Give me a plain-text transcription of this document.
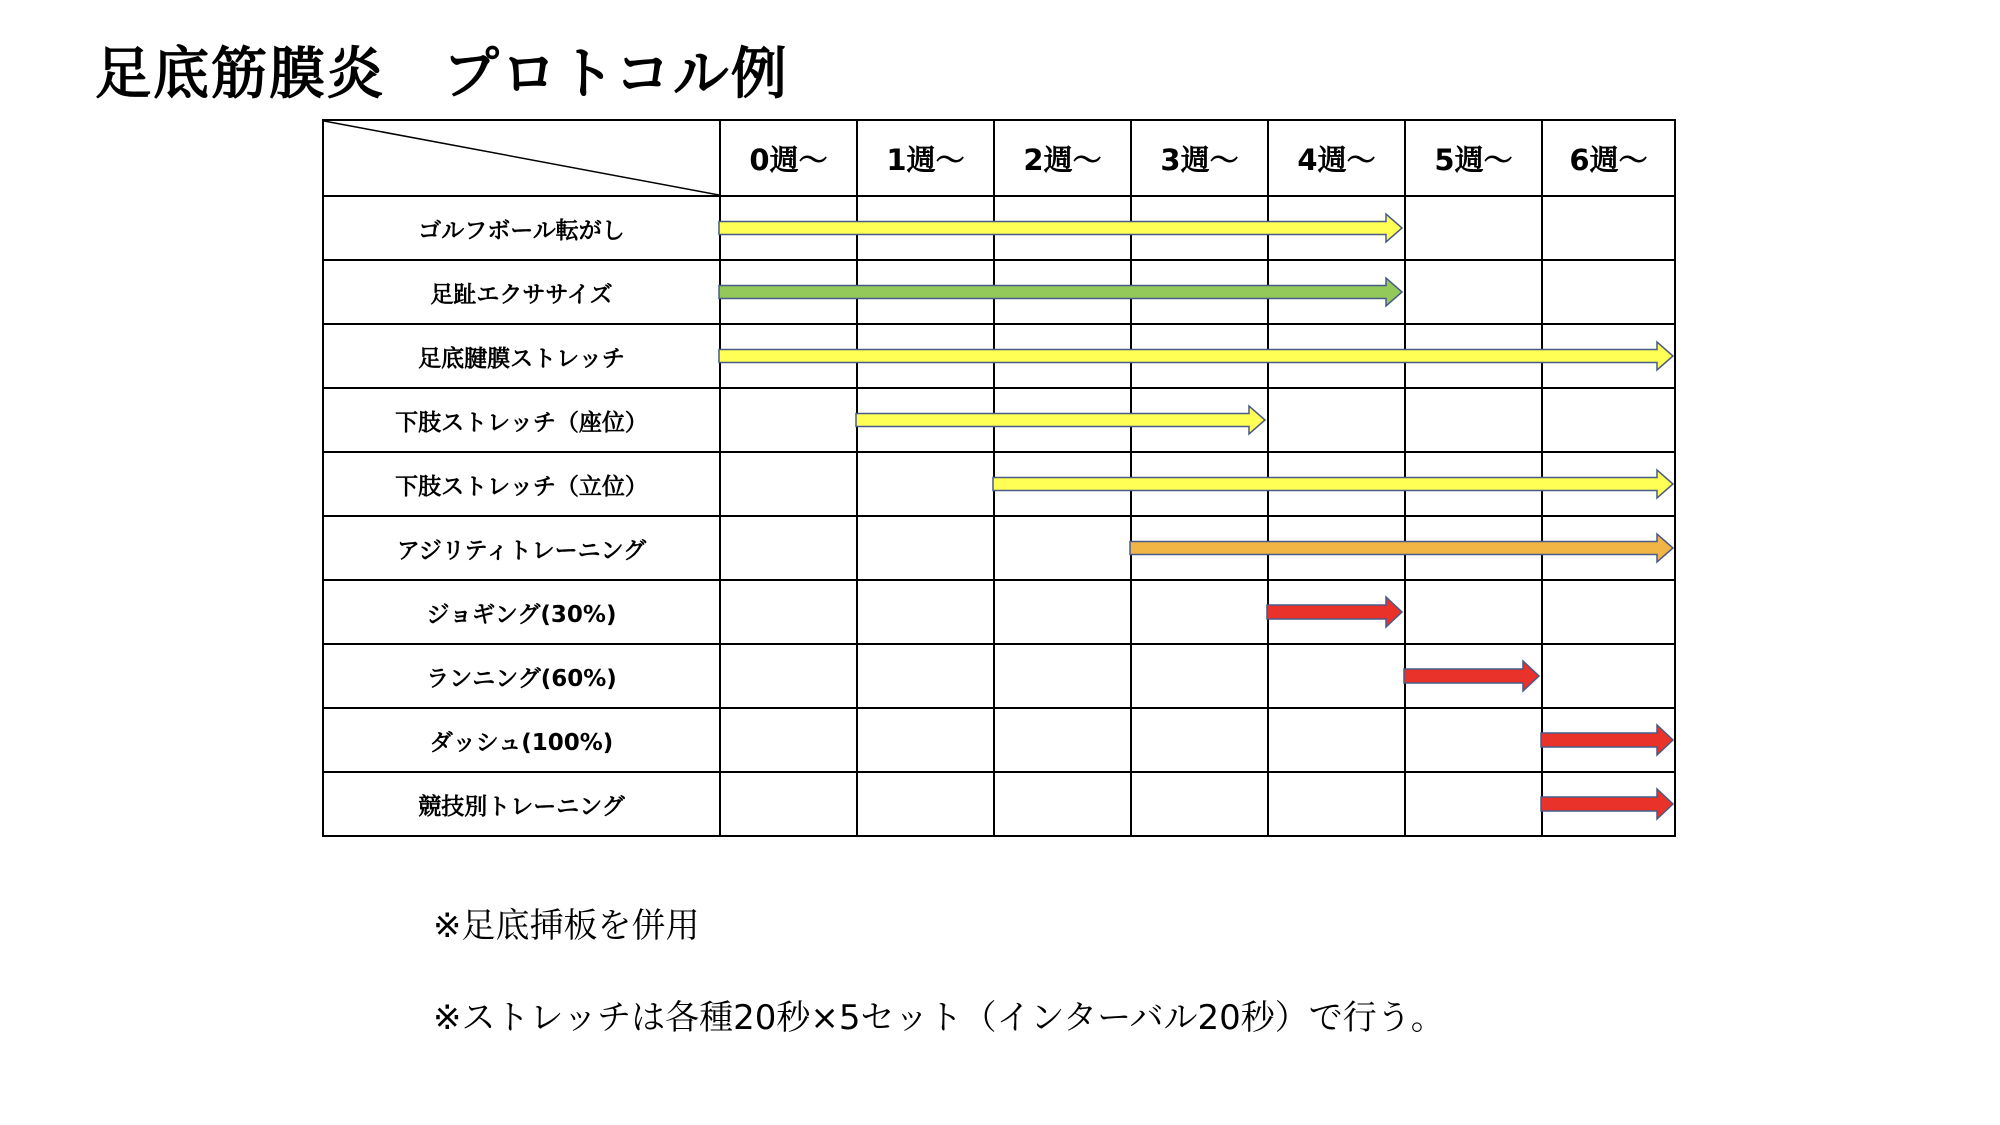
足底筋膜炎　プロトコル例
	0週〜	1週〜	2週〜	3週〜	4週〜	5週〜	6週〜
ゴルフボール転がし							
足趾エクササイズ							
足底腱膜ストレッチ							
下肢ストレッチ（座位）							
下肢ストレッチ（立位）							
アジリティトレーニング							
ジョギング(30%)							
ランニング(60%)							
ダッシュ(100%)							
競技別トレーニング							
※足底挿板を併用
※ストレッチは各種20秒×5セット（インターバル20秒）で行う。
